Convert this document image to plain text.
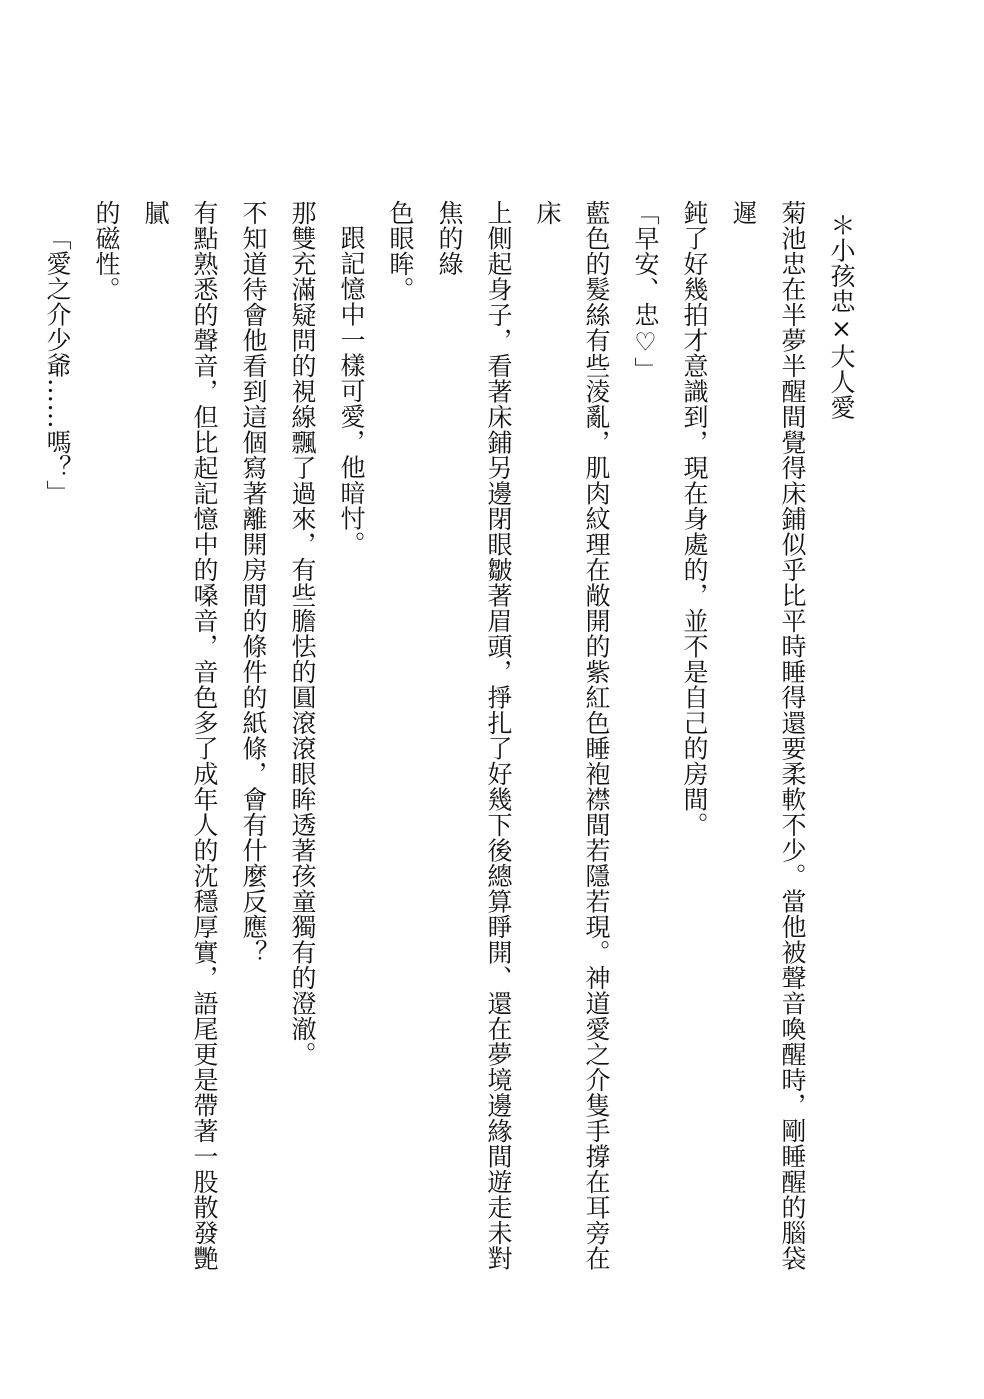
＊小孩忠×大人愛

菊池忠在半夢半醒間覺得床鋪似乎比平時睡得還要柔軟不少。當他被聲音喚醒時，剛睡醒的腦袋遲

鈍了好幾拍才意識到，現在身處的，並不是自己的房間。

「早安、忠♡」

藍色的髮絲有些淩亂，肌肉紋理在敞開的紫紅色睡袍襟間若隱若現。神道愛之介隻手撐在耳旁在床

上側起身子，看著床鋪另邊閉眼皺著眉頭，掙扎了好幾下後總算睜開、還在夢境邊緣間遊走未對焦的綠

色眼眸。

跟記憶中一樣可愛，他暗忖。

那雙充滿疑問的視線飄了過來，有些膽怯的圓滾滾眼眸透著孩童獨有的澄澈。

不知道待會他看到這個寫著離開房間的條件的紙條，會有什麼反應？

有點熟悉的聲音，但比起記憶中的嗓音，音色多了成年人的沈穩厚實，語尾更是帶著一股散發艷膩

的磁性。

「愛之介少爺……嗎？」
